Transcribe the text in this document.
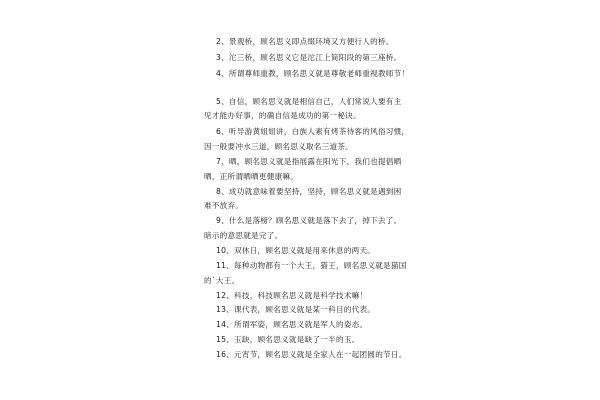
2、景观桥，顾名思义即点缀环境又方便行人的桥。
3、沱三桥，顾名思义它是沱江上简阳段的第三座桥。
4、所谓尊师重教，顾名思义就是尊敬老师重视教师节！
5、自信，顾名思义就是相信自己，人们常说人要有主
见才能办好事，的确自信是成功的第一秘诀。
6、听导游黄姐姐讲，白族人素有烤茶待客的风俗习惯，
因一般要冲水三道，顾名思义取名三道茶。
7、晒，顾名思义就是指展露在阳光下，我们也提倡晒
晒，正所谓晒晒更健康嘛。
8、成功就意味着要坚持，坚持，顾名思义就是遇到困
难不放弃。
9、什么是落榜？顾名思义就是落下去了，掉下去了。
暗示的意思就是完了。
10、双休日，顾名思义就是用来休息的两天。
11、每种动物都有一个大王，猫王，顾名思义就是猫国
的`大王。
12、科技，科技顾名思义就是科学技术嘛！
13、课代表，顾名思义就是某一科目的代表。
14、所谓军姿，顾名思义就是军人的姿态。
15、玉缺，顾名思义就是缺了一半的玉。
16、元宵节，顾名思义就是全家人在一起团圆的节日。
